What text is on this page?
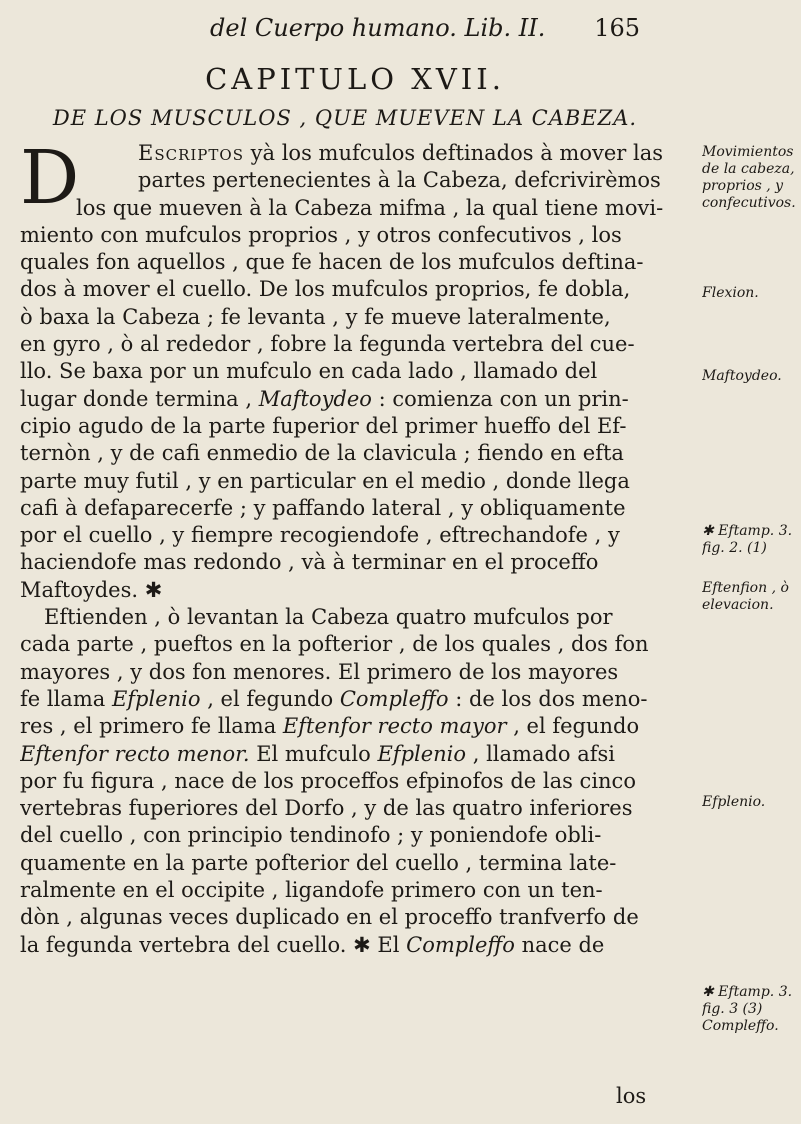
del Cuerpo humano. Lib. II. 165
CAPITULO XVII.
DE LOS MUSCULOS , QUE MUEVEN LA CABEZA.
D	Escriptos yà los mufculos deftinados à mover las
partes pertenecientes à la Cabeza, defcrivirèmos
los que mueven à la Cabeza mifma , la qual tiene movi-
miento con mufculos proprios , y otros confecutivos , los
quales fon aquellos , que fe hacen de los mufculos deftina-
dos à mover el cuello. De los mufculos proprios, fe dobla,
ò baxa la Cabeza ; fe levanta , y fe mueve lateralmente,
en gyro , ò al rededor , fobre la fegunda vertebra del cue-
llo. Se baxa por un mufculo en cada lado , llamado del
lugar donde termina , Maftoydeo : comienza con un prin-
cipio agudo de la parte fuperior del primer hueffo del Ef-
ternòn , y de cafi enmedio de la clavicula ; fiendo en efta
parte muy futil , y en particular en el medio , donde llega
cafi à defaparecerfe ; y paffando lateral , y obliquamente
por el cuello , y fiempre recogiendofe , eftrechandofe , y
haciendofe mas redondo , và à terminar en el proceffo
Maftoydes. ✱
Eftienden , ò levantan la Cabeza quatro mufculos por
cada parte , pueftos en la pofterior , de los quales , dos fon
mayores , y dos fon menores. El primero de los mayores
fe llama Efplenio , el fegundo Compleffo : de los dos meno-
res , el primero fe llama Eftenfor recto mayor , el fegundo
Eftenfor recto menor. El mufculo Efplenio , llamado afsi
por fu figura , nace de los proceffos efpinofos de las cinco
vertebras fuperiores del Dorfo , y de las quatro inferiores
del cuello , con principio tendinofo ; y poniendofe obli-
quamente en la parte pofterior del cuello , termina late-
ralmente en el occipite , ligandofe primero con un ten-
dòn , algunas veces duplicado en el proceffo tranfverfo de
la fegunda vertebra del cuello. ✱ El Compleffo nace de
Movimientos
de la cabeza,
proprios , y
confecutivos.
Flexion.
Maftoydeo.
✱ Eftamp. 3.
fig. 2. (1)
Eftenfion , ò
elevacion.
Efplenio.
✱ Eftamp. 3.
fig. 3 (3)
Compleffo.
los
